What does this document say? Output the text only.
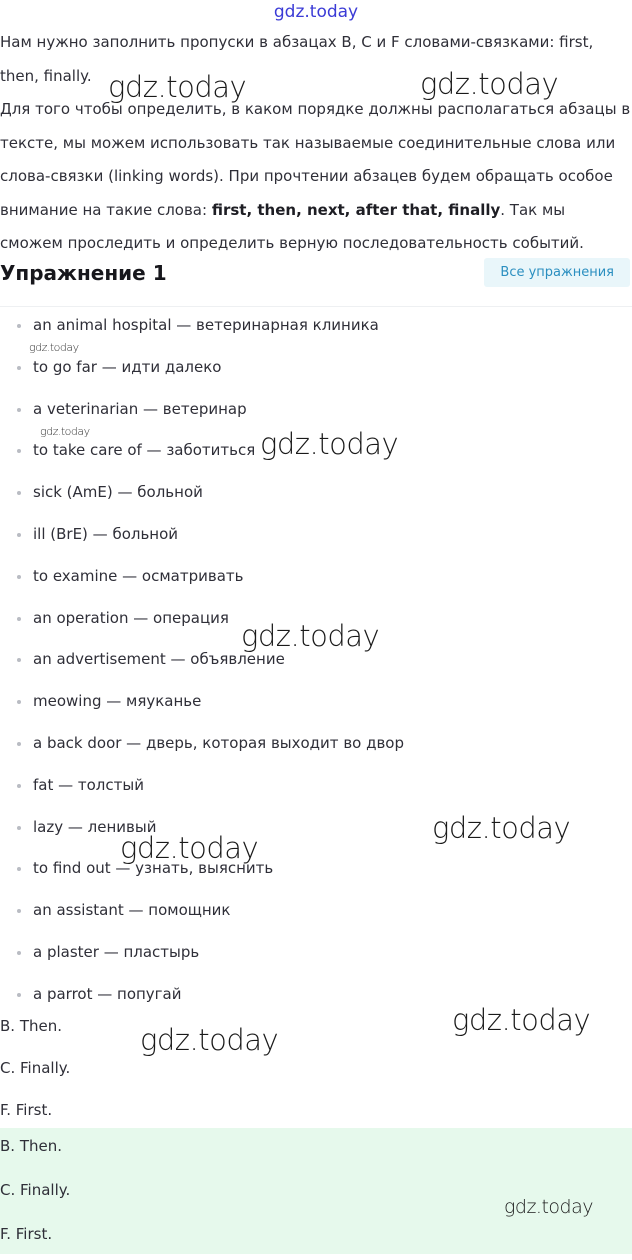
gdz.today

Нам нужно заполнить пропуски в абзацах B, C и F словами-связками: first, then, finally.

Для того чтобы определить, в каком порядке должны располагаться абзацы в тексте, мы можем использовать так называемые соединительные слова или слова-связки (linking words). При прочтении абзацев будем обращать особое внимание на такие слова: first, then, next, after that, finally. Так мы сможем проследить и определить верную последовательность событий.

Упражнение 1	Все упражнения
an animal hospital — ветеринарная клиника
to go far — идти далеко
a veterinarian — ветеринар
to take care of — заботиться
sick (AmE) — больной
ill (BrE) — больной
to examine — осматривать
an operation — операция
an advertisement — объявление
meowing — мяуканье
a back door — дверь, которая выходит во двор
fat — толстый
lazy — ленивый
to find out — узнать, выяснить
an assistant — помощник
a plaster — пластырь
a parrot — попугай
B. Then.
C. Finally.
F. First.
B. Then.
C. Finally.
F. First.
gdz.today	gdz.today
gdz.today
gdz.today	gdz.today
gdz.today
gdz.today
gdz.today
gdz.today
gdz.today
gdz.today
